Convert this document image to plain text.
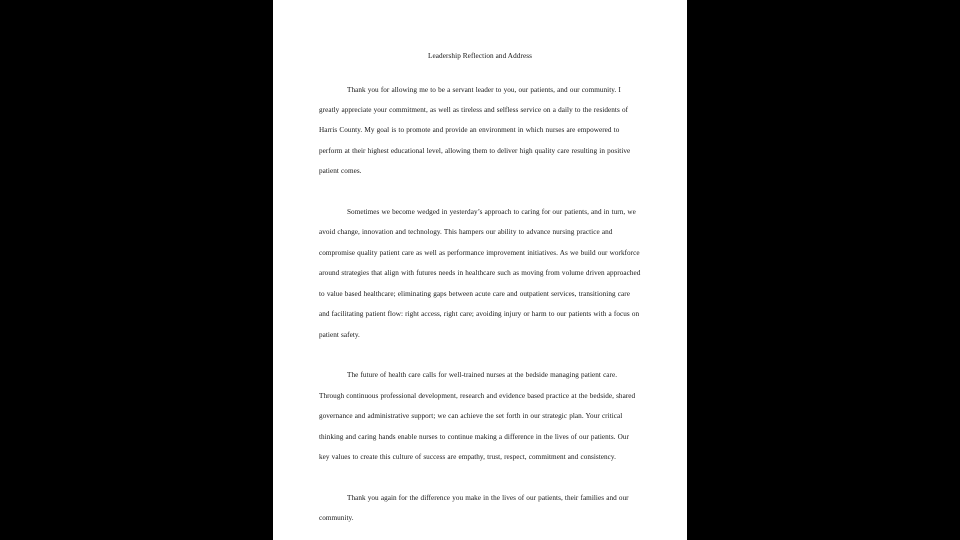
Leadership Reflection and Address

Thank you for allowing me to be a servant leader to you, our patients, and our community. I greatly appreciate your commitment, as well as tireless and selfless service on a daily to the residents of Harris County. My goal is to promote and provide an environment in which nurses are empowered to perform at their highest educational level, allowing them to deliver high quality care resulting in positive patient comes.

Sometimes we become wedged in yesterday’s approach to caring for our patients, and in turn, we avoid change, innovation and technology. This hampers our ability to advance nursing practice and compromise quality patient care as well as performance improvement initiatives. As we build our workforce around strategies that align with futures needs in healthcare such as moving from volume driven approached to value based healthcare; eliminating gaps between acute care and outpatient services, transitioning care and facilitating patient flow: right access, right care; avoiding injury or harm to our patients with a focus on patient safety.

The future of health care calls for well-trained nurses at the bedside managing patient care. Through continuous professional development, research and evidence based practice at the bedside, shared governance and administrative support; we can achieve the set forth in our strategic plan. Your critical thinking and caring hands enable nurses to continue making a difference in the lives of our patients. Our key values to create this culture of success are empathy, trust, respect, commitment and consistency.

Thank you again for the difference you make in the lives of our patients, their families and our community.
